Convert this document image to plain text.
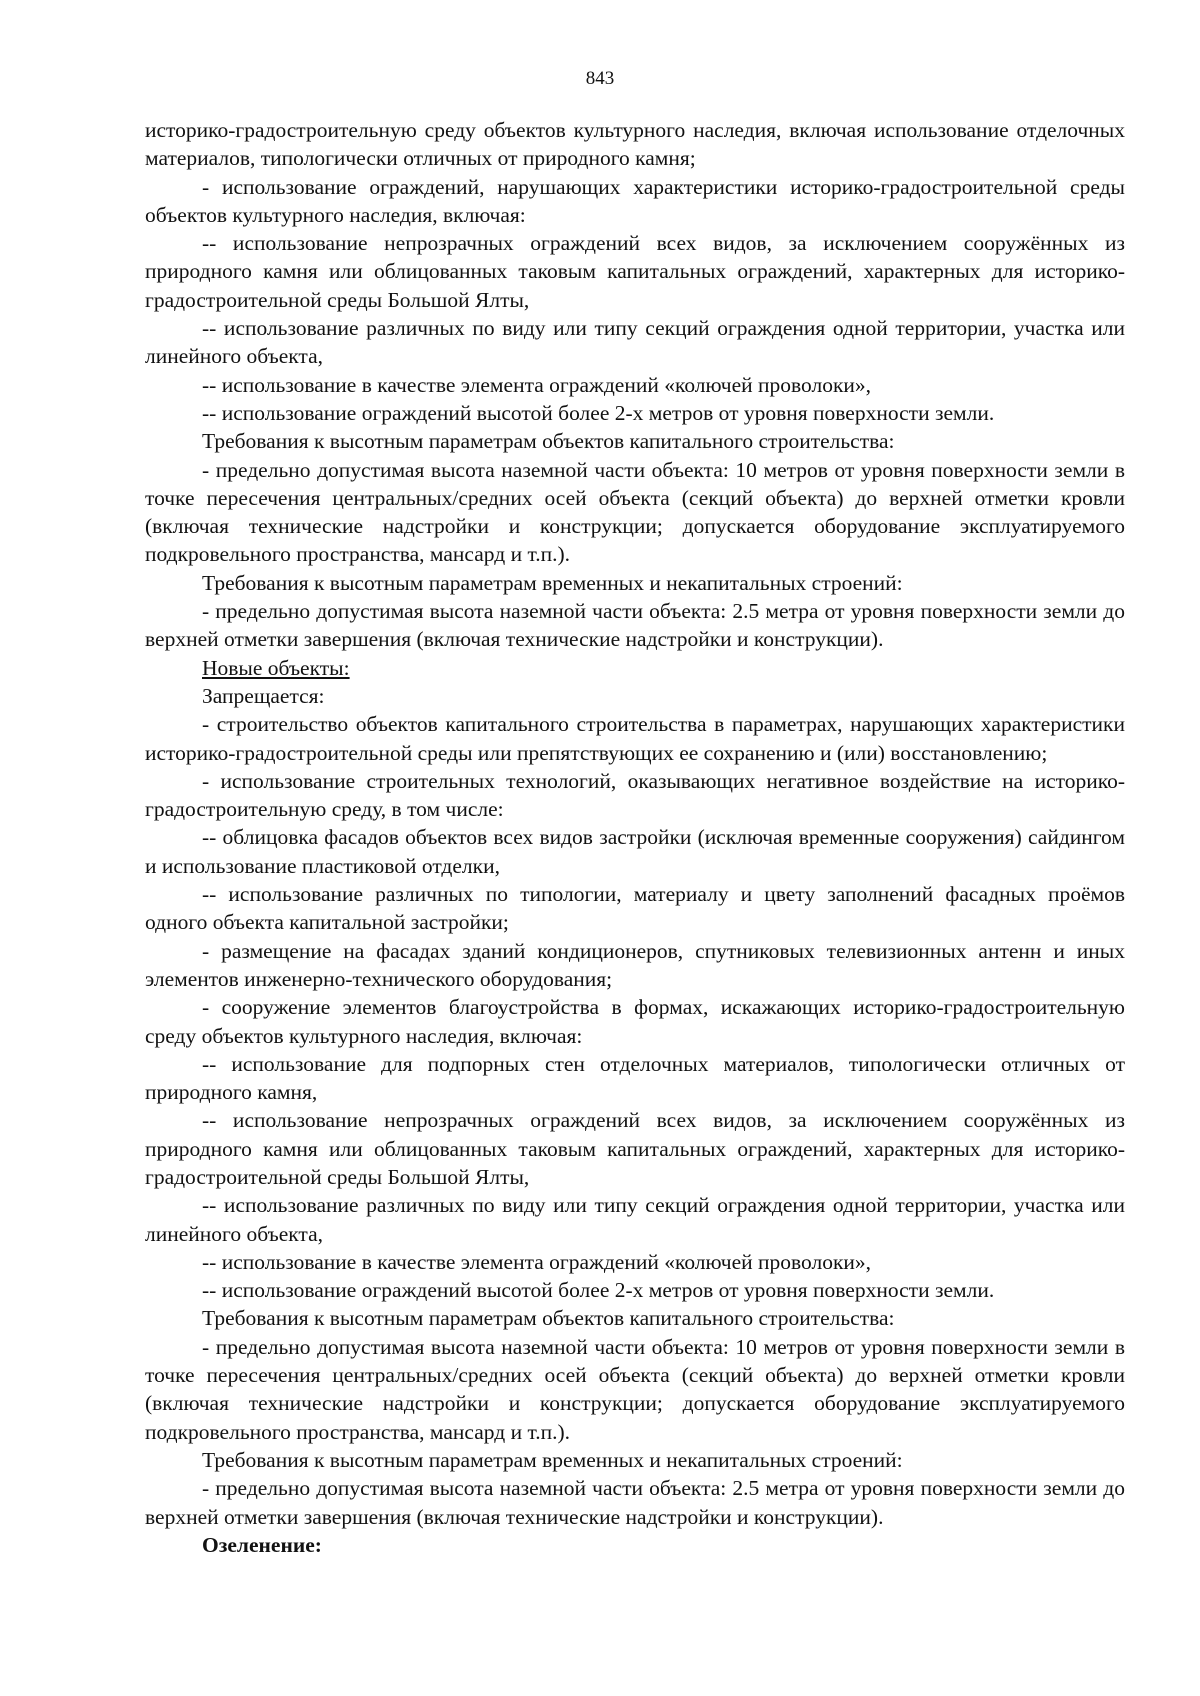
843

историко-градостроительную среду объектов культурного наследия, включая использование отделочных материалов, типологически отличных от природного камня;

- использование ограждений, нарушающих характеристики историко-градостроительной среды объектов культурного наследия, включая:

-- использование непрозрачных ограждений всех видов, за исключением сооружённых из природного камня или облицованных таковым капитальных ограждений, характерных для историко-градостроительной среды Большой Ялты,

-- использование различных по виду или типу секций ограждения одной территории, участка или линейного объекта,

-- использование в качестве элемента ограждений «колючей проволоки»,

-- использование ограждений высотой более 2-х метров от уровня поверхности земли.

Требования к высотным параметрам объектов капитального строительства:

- предельно допустимая высота наземной части объекта: 10 метров от уровня поверхности земли в точке пересечения центральных/средних осей объекта (секций объекта) до верхней отметки кровли (включая технические надстройки и конструкции; допускается оборудование эксплуатируемого подкровельного пространства, мансард и т.п.).

Требования к высотным параметрам временных и некапитальных строений:

- предельно допустимая высота наземной части объекта: 2.5 метра от уровня поверхности земли до верхней отметки завершения (включая технические надстройки и конструкции).

Новые объекты:

Запрещается:

- строительство объектов капитального строительства в параметрах, нарушающих характеристики историко-градостроительной среды или препятствующих ее сохранению и (или) восстановлению;

- использование строительных технологий, оказывающих негативное воздействие на историко-градостроительную среду, в том числе:

-- облицовка фасадов объектов всех видов застройки (исключая временные сооружения) сайдингом и использование пластиковой отделки,

-- использование различных по типологии, материалу и цвету заполнений фасадных проёмов одного объекта капитальной застройки;

- размещение на фасадах зданий кондиционеров, спутниковых телевизионных антенн и иных элементов инженерно-технического оборудования;

- сооружение элементов благоустройства в формах, искажающих историко-градостроительную среду объектов культурного наследия, включая:

-- использование для подпорных стен отделочных материалов, типологически отличных от природного камня,

-- использование непрозрачных ограждений всех видов, за исключением сооружённых из природного камня или облицованных таковым капитальных ограждений, характерных для историко-градостроительной среды Большой Ялты,

-- использование различных по виду или типу секций ограждения одной территории, участка или линейного объекта,

-- использование в качестве элемента ограждений «колючей проволоки»,

-- использование ограждений высотой более 2-х метров от уровня поверхности земли.

Требования к высотным параметрам объектов капитального строительства:

- предельно допустимая высота наземной части объекта: 10 метров от уровня поверхности земли в точке пересечения центральных/средних осей объекта (секций объекта) до верхней отметки кровли (включая технические надстройки и конструкции; допускается оборудование эксплуатируемого подкровельного пространства, мансард и т.п.).

Требования к высотным параметрам временных и некапитальных строений:

- предельно допустимая высота наземной части объекта: 2.5 метра от уровня поверхности земли до верхней отметки завершения (включая технические надстройки и конструкции).

Озеленение:
